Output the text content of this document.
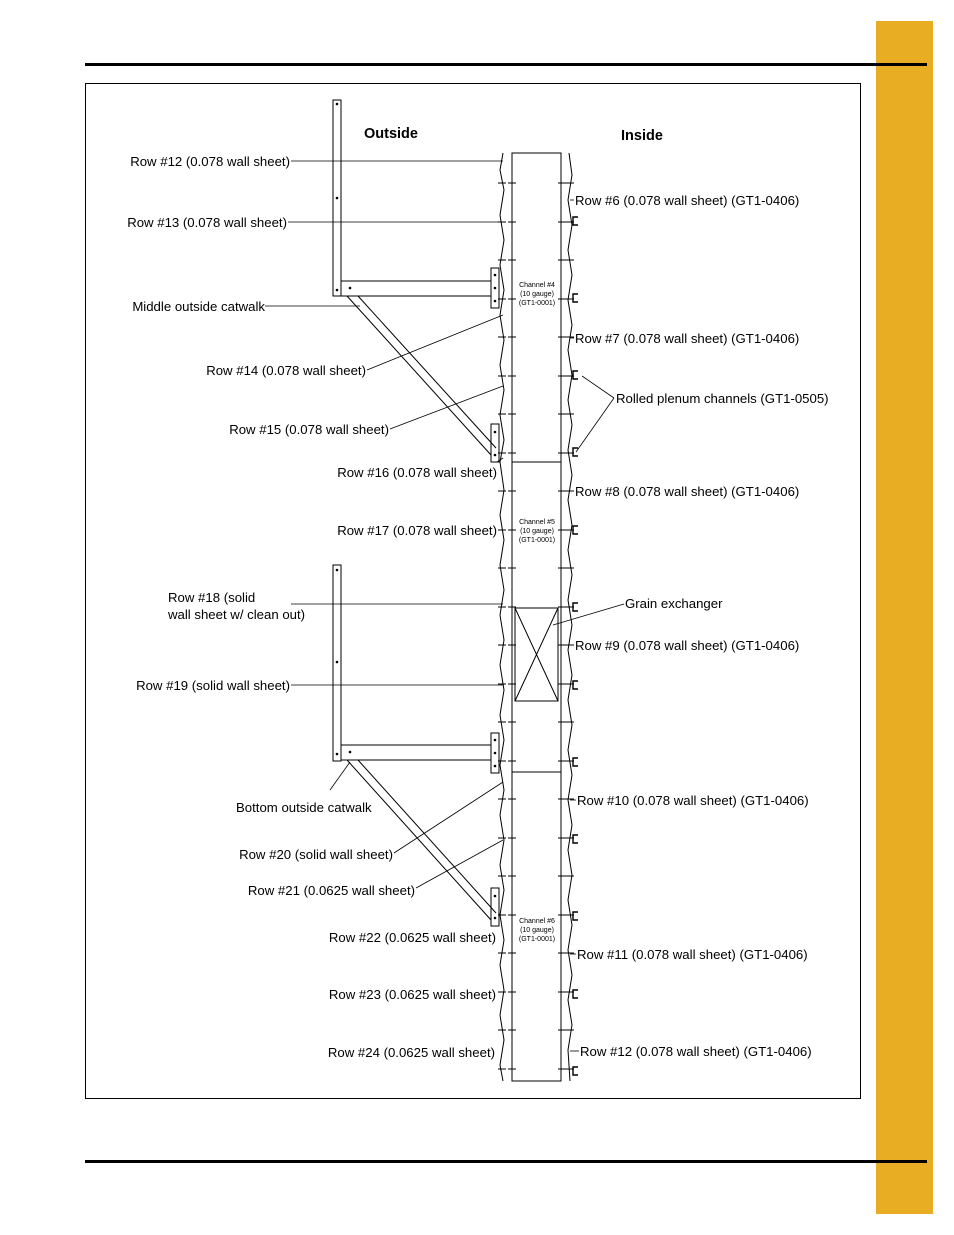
Outside	Inside
Row #12 (0.078 wall sheet)
Row #13 (0.078 wall sheet)
Middle outside catwalk
Row #14 (0.078 wall sheet)
Row #15 (0.078 wall sheet)
Row #16 (0.078 wall sheet)
Row #17 (0.078 wall sheet)
Row #18 (solid
wall sheet w/ clean out)
Row #19 (solid wall sheet)
Bottom outside catwalk
Row #20 (solid wall sheet)
Row #21 (0.0625 wall sheet)
Row #22 (0.0625 wall sheet)
Row #23 (0.0625 wall sheet)
Row #24 (0.0625 wall sheet)
Row #6 (0.078 wall sheet) (GT1-0406)
Row #7 (0.078 wall sheet) (GT1-0406)
Rolled plenum channels (GT1-0505)
Row #8 (0.078 wall sheet) (GT1-0406)
Grain exchanger
Row #9 (0.078 wall sheet) (GT1-0406)
Row #10 (0.078 wall sheet) (GT1-0406)
Row #11 (0.078 wall sheet) (GT1-0406)
Row #12 (0.078 wall sheet) (GT1-0406)
Channel #4
(10 gauge)
(GT1-0001)
Channel #5
(10 gauge)
(GT1-0001)
Channel #6
(10 gauge)
(GT1-0001)
